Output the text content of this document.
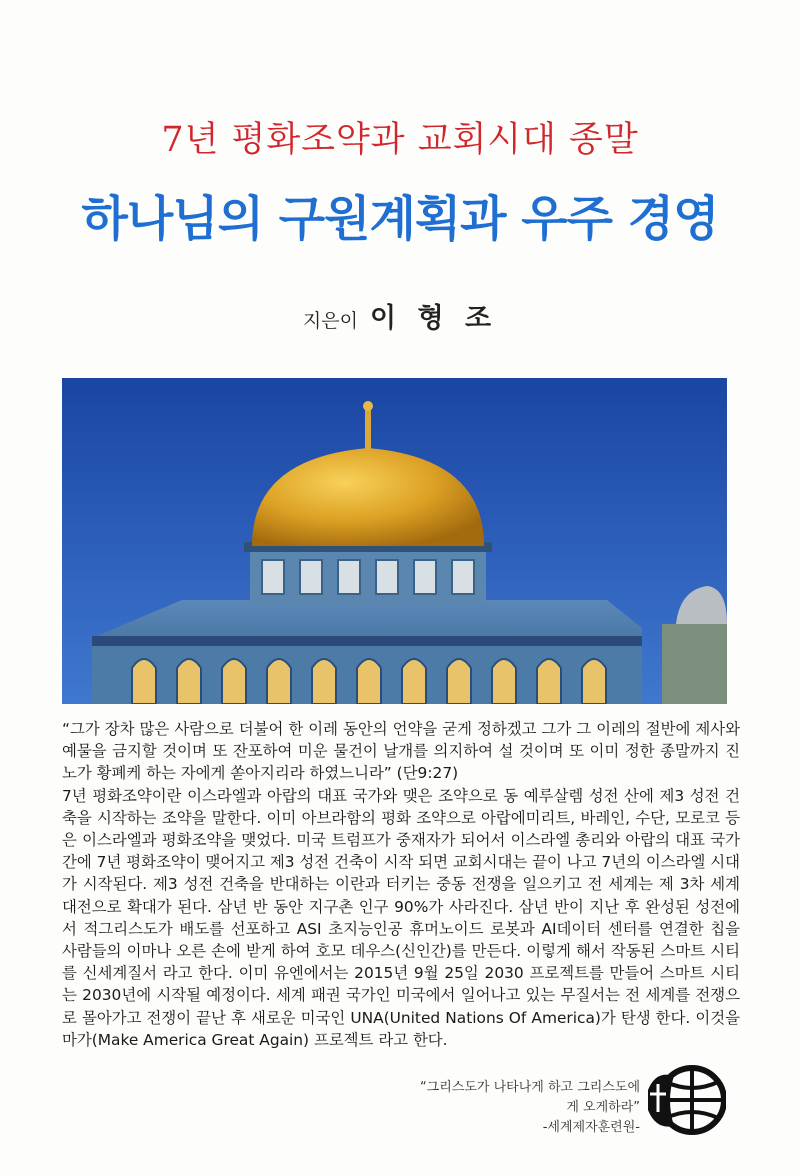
7년 평화조약과 교회시대 종말
하나님의 구원계획과 우주 경영
지은이 이 형 조

“그가 장차 많은 사람으로 더불어 한 이레 동안의 언약을 굳게 정하겠고 그가 그 이레의 절반에 제사와 예물을 금지할 것이며 또 잔포하여 미운 물건이 날개를 의지하여 설 것이며 또 이미 정한 종말까지 진노가 황폐케 하는 자에게 쏟아지리라 하였느니라” (단9:27)

7년 평화조약이란 이스라엘과 아랍의 대표 국가와 맺은 조약으로 동 예루살렘 성전 산에 제3 성전 건축을 시작하는 조약을 말한다. 이미 아브라함의 평화 조약으로 아랍에미리트, 바레인, 수단, 모로코 등은 이스라엘과 평화조약을 맺었다. 미국 트럼프가 중재자가 되어서 이스라엘 총리와 아랍의 대표 국가 간에 7년 평화조약이 맺어지고 제3 성전 건축이 시작 되면 교회시대는 끝이 나고 7년의 이스라엘 시대가 시작된다. 제3 성전 건축을 반대하는 이란과 터키는 중동 전쟁을 일으키고 전 세계는 제 3차 세계 대전으로 확대가 된다. 삼년 반 동안 지구촌 인구 90%가 사라진다. 삼년 반이 지난 후 완성된 성전에서 적그리스도가 배도를 선포하고 ASI 초지능인공 휴머노이드 로봇과 AI데이터 센터를 연결한 칩을 사람들의 이마나 오른 손에 받게 하여 호모 데우스(신인간)를 만든다. 이렇게 해서 작동된 스마트 시티를 신세계질서 라고 한다. 이미 유엔에서는 2015년 9월 25일 2030 프로젝트를 만들어 스마트 시티는 2030년에 시작될 예정이다. 세계 패권 국가인 미국에서 일어나고 있는 무질서는 전 세계를 전쟁으로 몰아가고 전쟁이 끝난 후 새로운 미국인 UNA(United Nations Of America)가 탄생 한다. 이것을 마가(Make America Great Again) 프로젝트 라고 한다.

“그리스도가 나타나게 하고 그리스도에게 오게하라”
-세계제자훈련원-
